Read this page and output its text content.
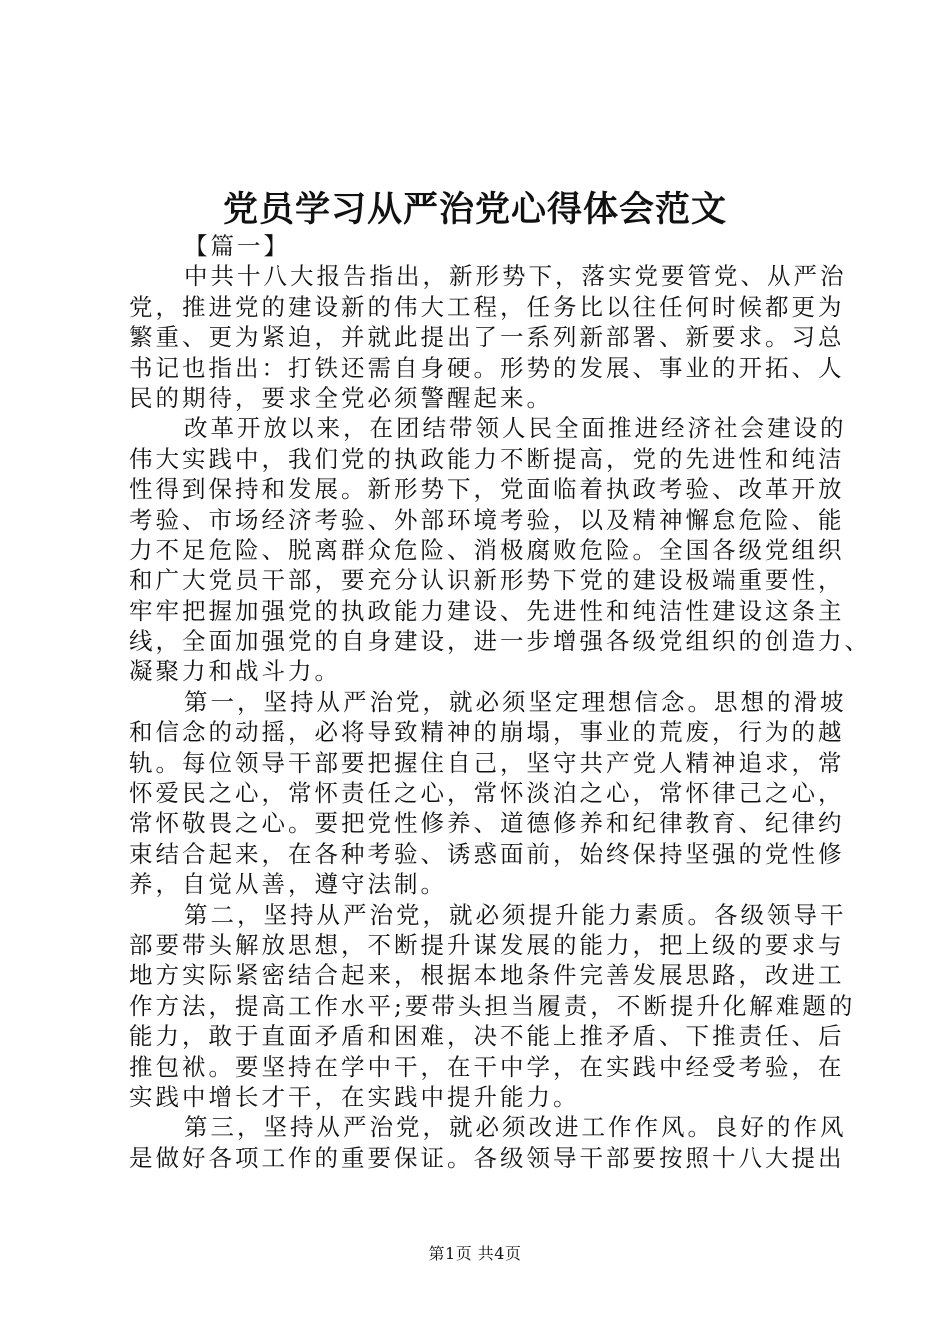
党员学习从严治党心得体会范文
【篇一】
中共十八大报告指出，新形势下，落实党要管党、从严治
党，推进党的建设新的伟大工程，任务比以往任何时候都更为
繁重、更为紧迫，并就此提出了一系列新部署、新要求。习总
书记也指出：打铁还需自身硬。形势的发展、事业的开拓、人
民的期待，要求全党必须警醒起来。
改革开放以来，在团结带领人民全面推进经济社会建设的
伟大实践中，我们党的执政能力不断提高，党的先进性和纯洁
性得到保持和发展。新形势下，党面临着执政考验、改革开放
考验、市场经济考验、外部环境考验，以及精神懈怠危险、能
力不足危险、脱离群众危险、消极腐败危险。全国各级党组织
和广大党员干部，要充分认识新形势下党的建设极端重要性，
牢牢把握加强党的执政能力建设、先进性和纯洁性建设这条主
线，全面加强党的自身建设，进一步增强各级党组织的创造力、
凝聚力和战斗力。
第一，坚持从严治党，就必须坚定理想信念。思想的滑坡
和信念的动摇，必将导致精神的崩塌，事业的荒废，行为的越
轨。每位领导干部要把握住自己，坚守共产党人精神追求，常
怀爱民之心，常怀责任之心，常怀淡泊之心，常怀律己之心，
常怀敬畏之心。要把党性修养、道德修养和纪律教育、纪律约
束结合起来，在各种考验、诱惑面前，始终保持坚强的党性修
养，自觉从善，遵守法制。
第二，坚持从严治党，就必须提升能力素质。各级领导干
部要带头解放思想，不断提升谋发展的能力，把上级的要求与
地方实际紧密结合起来，根据本地条件完善发展思路，改进工
作方法，提高工作水平;要带头担当履责，不断提升化解难题的
能力，敢于直面矛盾和困难，决不能上推矛盾、下推责任、后
推包袱。要坚持在学中干，在干中学，在实践中经受考验，在
实践中增长才干，在实践中提升能力。
第三，坚持从严治党，就必须改进工作作风。良好的作风
是做好各项工作的重要保证。各级领导干部要按照十八大提出
第1页 共4页
